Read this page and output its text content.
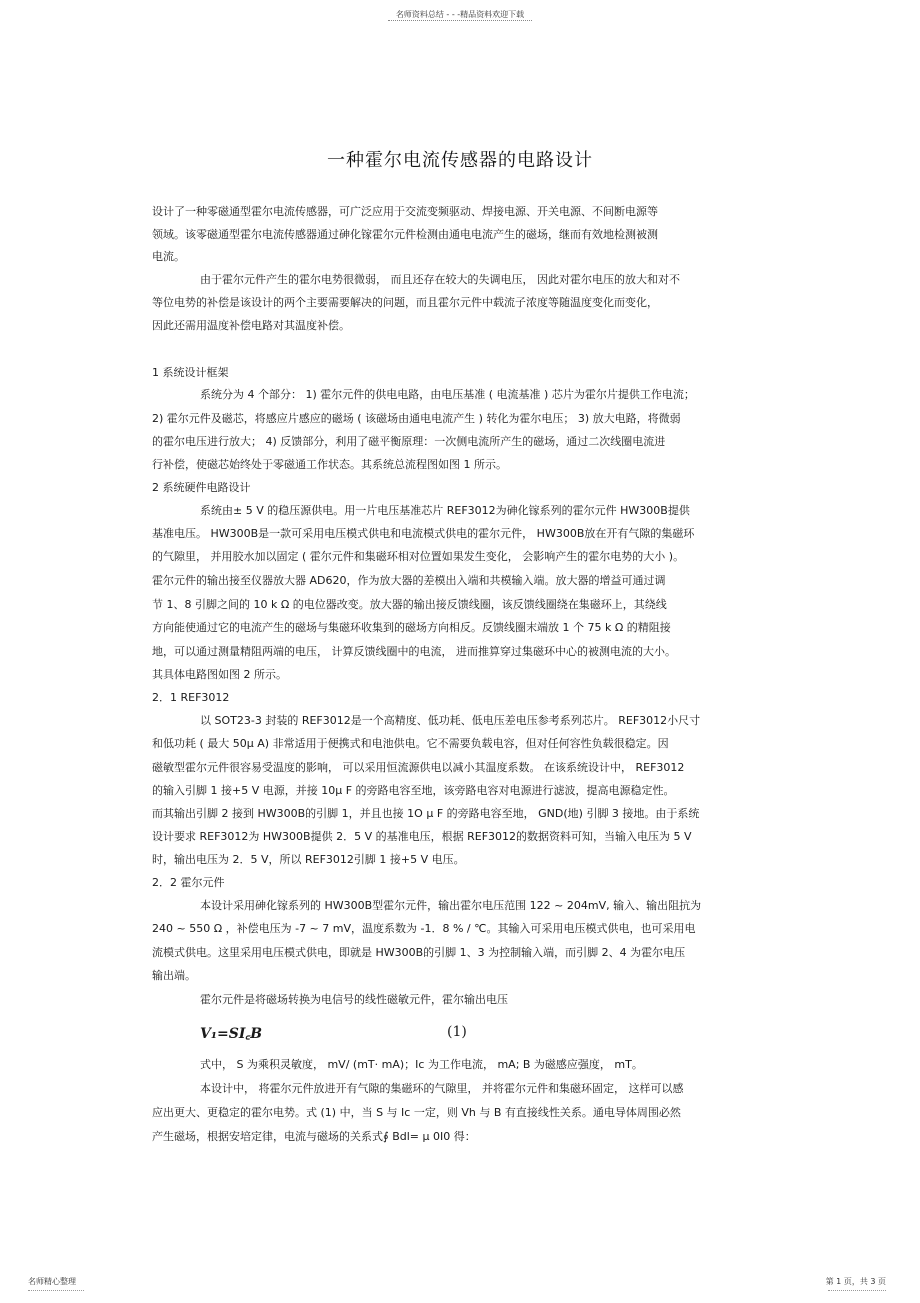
名师资料总结 - - -精品资料欢迎下载
一种霍尔电流传感器的电路设计
设计了一种零磁通型霍尔电流传感器，可广泛应用于交流变频驱动、焊接电源、开关电源、不间断电源等
领域。该零磁通型霍尔电流传感器通过砷化镓霍尔元件检测由通电电流产生的磁场，继而有效地检测被测
电流。
由于霍尔元件产生的霍尔电势很微弱， 而且还存在较大的失调电压， 因此对霍尔电压的放大和对不
等位电势的补偿是该设计的两个主要需要解决的问题，而且霍尔元件中载流子浓度等随温度变化而变化，
因此还需用温度补偿电路对其温度补偿。
1 系统设计框架
系统分为 4 个部分： 1) 霍尔元件的供电电路，由电压基准 ( 电流基准 ) 芯片为霍尔片提供工作电流；
2) 霍尔元件及磁芯，将感应片感应的磁场 ( 该磁场由通电电流产生 ) 转化为霍尔电压； 3) 放大电路，将微弱
的霍尔电压进行放大； 4) 反馈部分，利用了磁平衡原理：一次侧电流所产生的磁场，通过二次线圈电流进
行补偿，使磁芯始终处于零磁通工作状态。其系统总流程图如图 1 所示。
2 系统硬件电路设计
系统由± 5 V 的稳压源供电。用一片电压基准芯片 REF3012为砷化镓系列的霍尔元件 HW300B提供
基准电压。 HW300B是一款可采用电压模式供电和电流模式供电的霍尔元件， HW300B放在开有气隙的集磁环
的气隙里， 并用胶水加以固定 ( 霍尔元件和集磁环相对位置如果发生变化， 会影响产生的霍尔电势的大小 )。
霍尔元件的输出接至仪器放大器 AD620，作为放大器的差模出入端和共模输入端。放大器的增益可通过调
节 1、8 引脚之间的 10 k Ω 的电位器改变。放大器的输出接反馈线圈，该反馈线圈绕在集磁环上，其绕线
方向能使通过它的电流产生的磁场与集磁环收集到的磁场方向相反。反馈线圈末端放 1 个 75 k Ω 的精阻接
地，可以通过测量精阻两端的电压， 计算反馈线圈中的电流， 进而推算穿过集磁环中心的被测电流的大小。
其具体电路图如图 2 所示。
2．1 REF3012
以 SOT23-3 封装的 REF3012是一个高精度、低功耗、低电压差电压参考系列芯片。 REF3012小尺寸
和低功耗 ( 最大 50μ A) 非常适用于便携式和电池供电。它不需要负载电容，但对任何容性负载很稳定。因
磁敏型霍尔元件很容易受温度的影响， 可以采用恒流源供电以减小其温度系数。 在该系统设计中， REF3012
的输入引脚 1 接+5 V 电源，并接 10μ F 的旁路电容至地，该旁路电容对电源进行滤波，提高电源稳定性。
而其输出引脚 2 接到 HW300B的引脚 1，并且也接 1O μ F 的旁路电容至地， GND(地) 引脚 3 接地。由于系统
设计要求 REF3012为 HW300B提供 2．5 V 的基准电压，根据 REF3012的数据资料可知，当输入电压为 5 V
时，输出电压为 2．5 V，所以 REF3012引脚 1 接+5 V 电压。
2．2 霍尔元件
本设计采用砷化镓系列的 HW300B型霍尔元件，输出霍尔电压范围 122 ~ 204mV, 输入、输出阻抗为
240 ~ 550 Ω ，补偿电压为 -7 ~ 7 mV，温度系数为 -1．8 % / ℃。其输入可采用电压模式供电，也可采用电
流模式供电。这里采用电压模式供电，即就是 HW300B的引脚 1、3 为控制输入端，而引脚 2、4 为霍尔电压
输出端。
霍尔元件是将磁场转换为电信号的线性磁敏元件，霍尔输出电压
V₁=SI꜀B	(1)
式中， S 为乘积灵敏度， mV/ (mT· mA)；Ic 为工作电流， mA; B 为磁感应强度， mT。
本设计中， 将霍尔元件放进开有气隙的集磁环的气隙里， 并将霍尔元件和集磁环固定， 这样可以感
应出更大、更稳定的霍尔电势。式 (1) 中，当 S 与 Ic 一定，则 Vh 与 B 有直接线性关系。通电导体周围必然
产生磁场，根据安培定律，电流与磁场的关系式∮ Bdl= μ 0I0 得：
名师精心整理	第 1 页，共 3 页
